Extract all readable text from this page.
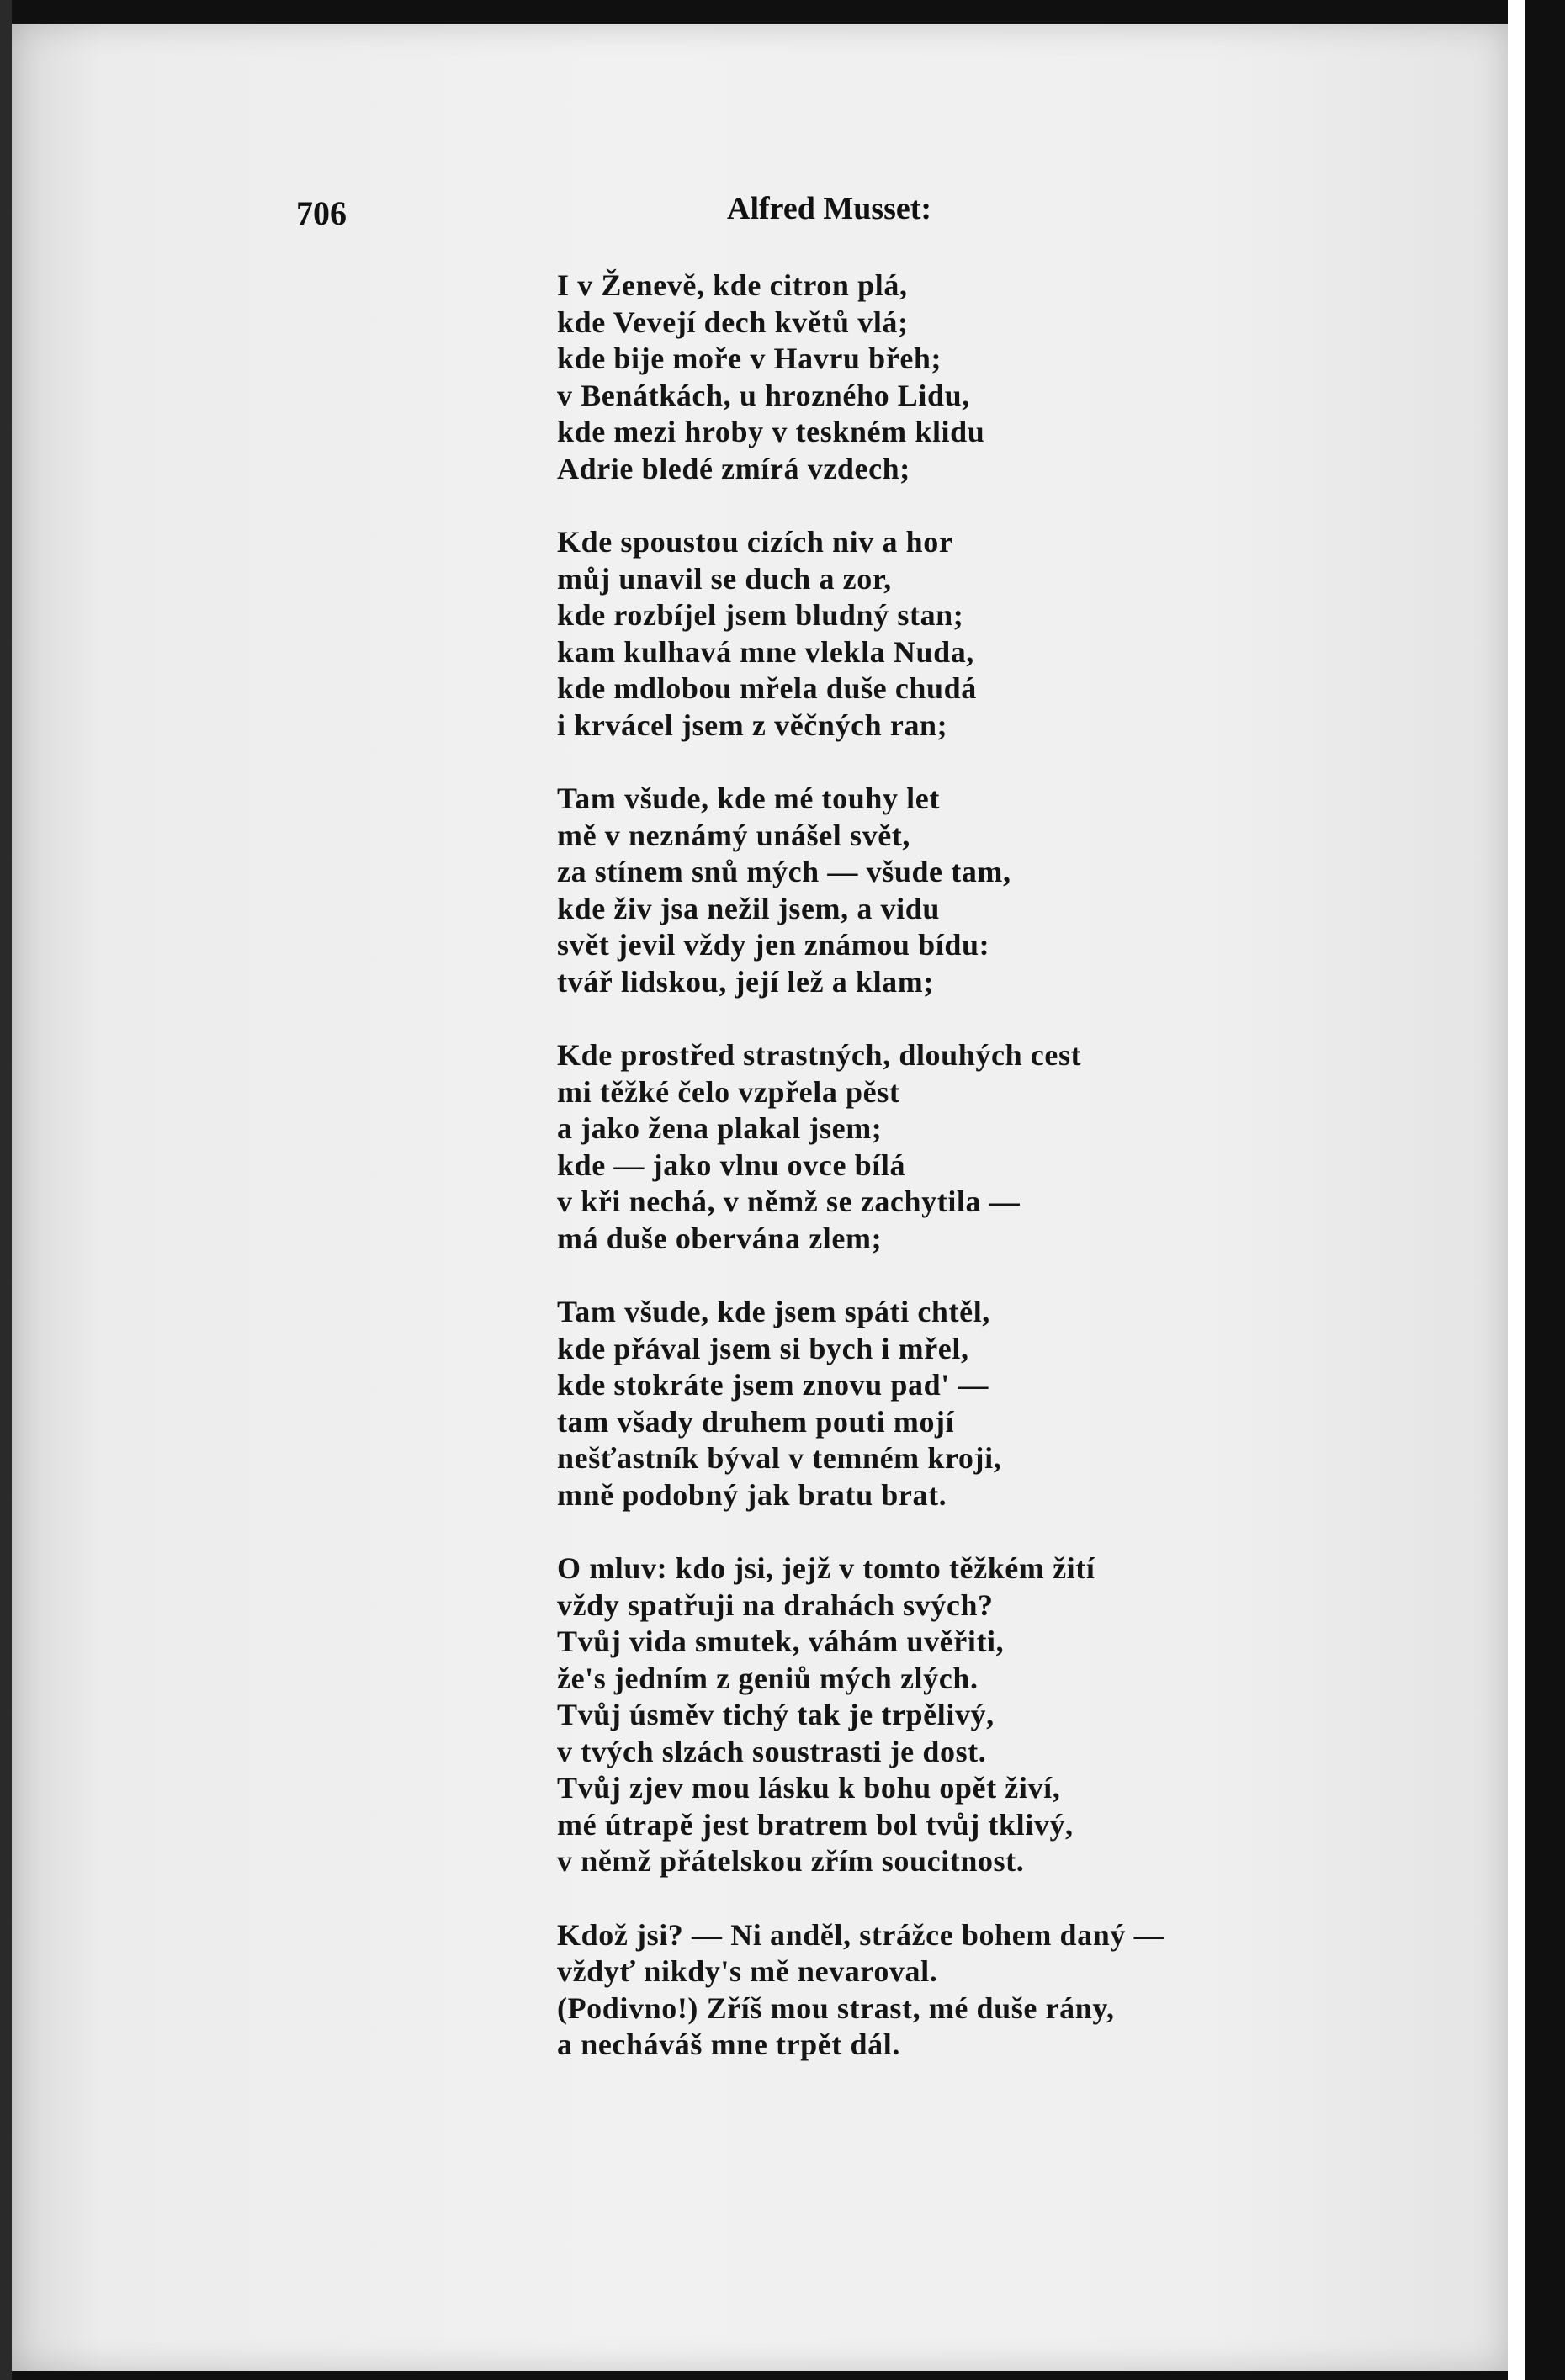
706	Alfred Musset:
I v Ženevě, kde citron plá,
kde Vevejí dech květů vlá;
kde bije moře v Havru břeh;
v Benátkách, u hrozného Lidu,
kde mezi hroby v teskném klidu
Adrie bledé zmírá vzdech;
Kde spoustou cizích niv a hor
můj unavil se duch a zor,
kde rozbíjel jsem bludný stan;
kam kulhavá mne vlekla Nuda,
kde mdlobou mřela duše chudá
i krvácel jsem z věčných ran;
Tam všude, kde mé touhy let
mě v neznámý unášel svět,
za stínem snů mých — všude tam,
kde živ jsa nežil jsem, a vidu
svět jevil vždy jen známou bídu:
tvář lidskou, její lež a klam;
Kde prostřed strastných, dlouhých cest
mi těžké čelo vzpřela pěst
a jako žena plakal jsem;
kde — jako vlnu ovce bílá
v kři nechá, v němž se zachytila —
má duše obervána zlem;
Tam všude, kde jsem spáti chtěl,
kde přával jsem si bych i mřel,
kde stokráte jsem znovu pad' —
tam všady druhem pouti mojí
nešťastník býval v temném kroji,
mně podobný jak bratu brat.
O mluv: kdo jsi, jejž v tomto těžkém žití
vždy spatřuji na drahách svých?
Tvůj vida smutek, váhám uvěřiti,
že's jedním z geniů mých zlých.
Tvůj úsměv tichý tak je trpělivý,
v tvých slzách soustrasti je dost.
Tvůj zjev mou lásku k bohu opět živí,
mé útrapě jest bratrem bol tvůj tklivý,
v němž přátelskou zřím soucitnost.
Kdož jsi? — Ni anděl, strážce bohem daný —
vždyť nikdy's mě nevaroval.
(Podivno!) Zříš mou strast, mé duše rány,
a necháváš mne trpět dál.
